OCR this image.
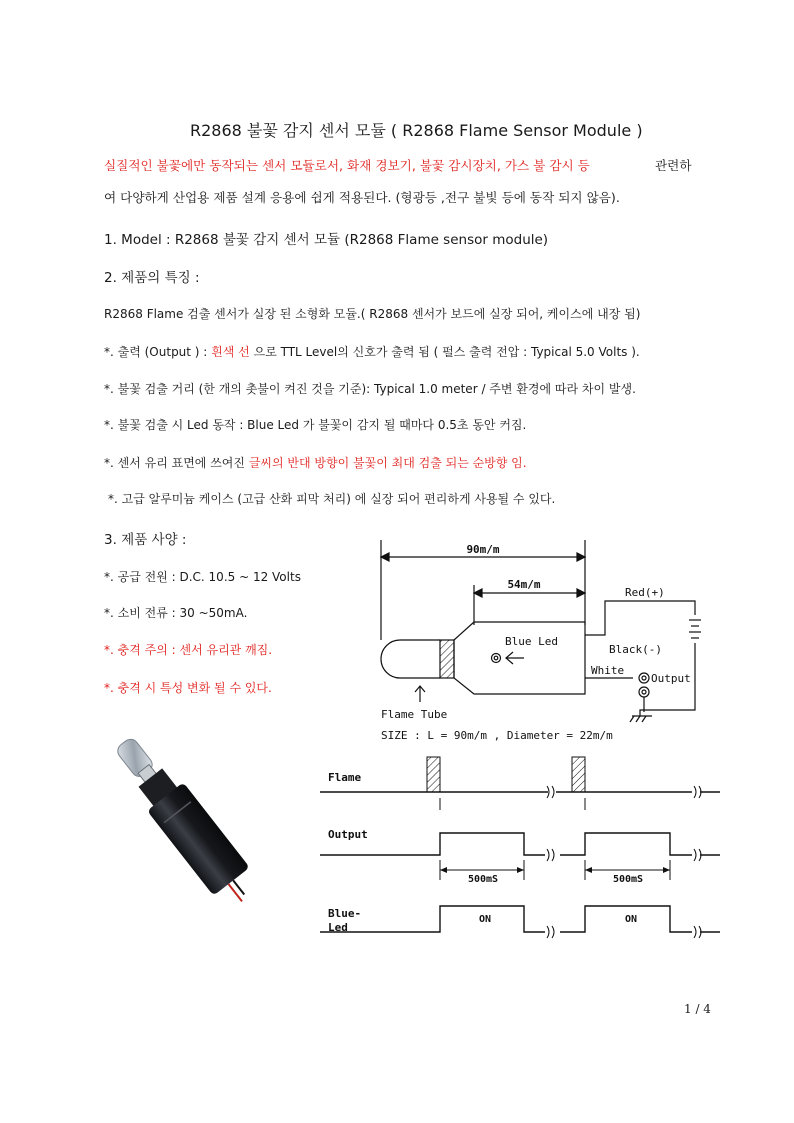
R2868 불꽃 감지 센서 모듈 ( R2868 Flame Sensor Module )
실질적인 불꽃에만 동작되는 센서 모듈로서, 화재 경보기, 불꽃 감시장치, 가스 불 감시 등	관련하
여 다양하게 산업용 제품 설계 응용에 쉽게 적용된다. (형광등 ,전구 불빛 등에 동작 되지 않음).
1. Model : R2868 불꽃 감지 센서 모듈 (R2868 Flame sensor module)
2. 제품의 특징 :
R2868 Flame 검출 센서가 실장 된 소형화 모듈.( R2868 센서가 보드에 실장 되어, 케이스에 내장 됨)
*. 출력 (Output ) : 흰색 선 으로 TTL Level의 신호가 출력 됨 ( 펄스 출력 전압 : Typical 5.0 Volts ).
*. 불꽃 검출 거리 (한 개의 촛불이 켜진 것을 기준): Typical 1.0 meter / 주변 환경에 따라 차이 발생.
*. 불꽃 검출 시 Led 동작 : Blue Led 가 불꽃이 감지 될 때마다 0.5초 동안 커짐.
*. 센서 유리 표면에 쓰여진 글씨의 반대 방향이 불꽃이 최대 검출 되는 순방향 임.
*. 고급 알루미늄 케이스 (고급 산화 피막 처리) 에 실장 되어 편리하게 사용될 수 있다.
3. 제품 사양 :
*. 공급 전원 : D.C. 10.5 ~ 12 Volts
*. 소비 전류 : 30 ~50mA.
*. 충격 주의 : 센서 유리관 깨짐.
*. 충격 시 특성 변화 될 수 있다.
90m/m
54m/m
Red(+)
Black(-)
White
Output
Blue Led
Flame Tube
SIZE : L = 90m/m , Diameter = 22m/m
Flame
Output
Blue-
Led
500mS	500mS
ON	ON
1 / 4
